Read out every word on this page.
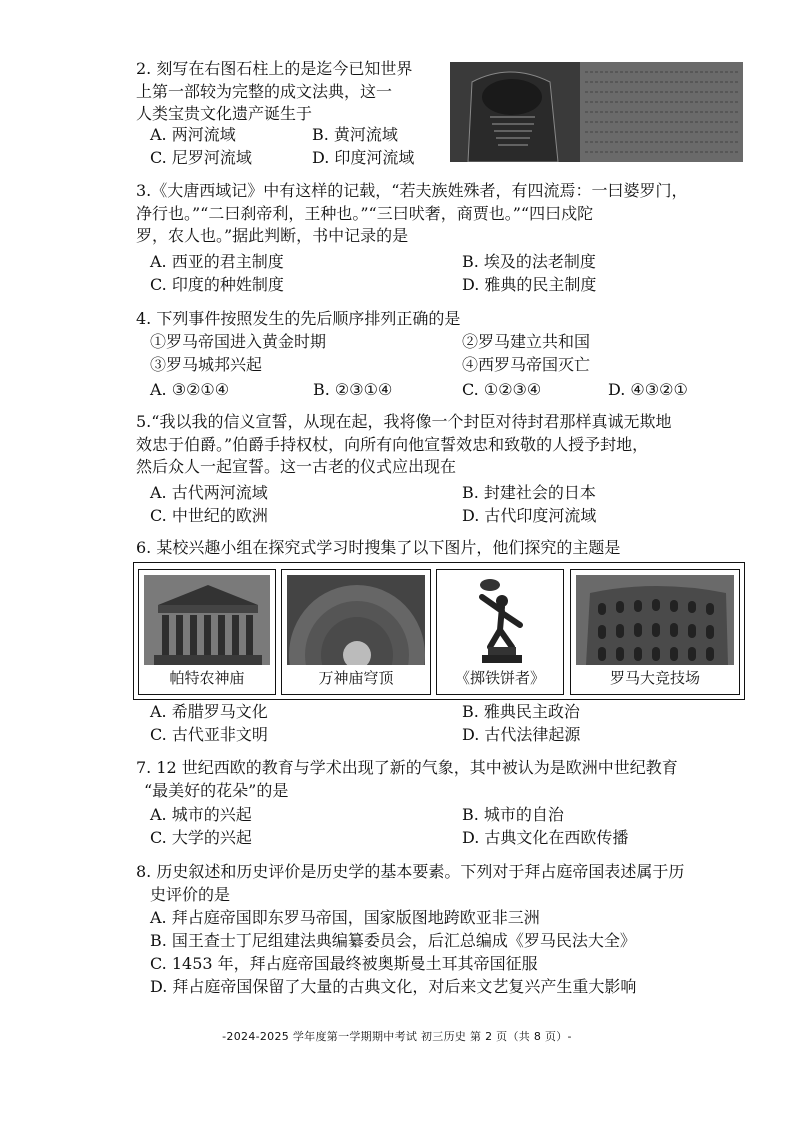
2. 刻写在右图石柱上的是迄今已知世界
上第一部较为完整的成文法典，这一
人类宝贵文化遗产诞生于
A. 两河流域	B. 黄河流域
C. 尼罗河流域	D. 印度河流域
3.《大唐西域记》中有这样的记载，“若夫族姓殊者，有四流焉：一曰婆罗门，
净行也。”“二曰刹帝利，王种也。”“三曰吠奢，商贾也。”“四曰戍陀
罗，农人也。”据此判断，书中记录的是
A. 西亚的君主制度	B. 埃及的法老制度
C. 印度的种姓制度	D. 雅典的民主制度
4. 下列事件按照发生的先后顺序排列正确的是
①罗马帝国进入黄金时期	②罗马建立共和国
③罗马城邦兴起	④西罗马帝国灭亡
A. ③②①④	B. ②③①④	C. ①②③④	D. ④③②①
5.“我以我的信义宣誓，从现在起，我将像一个封臣对待封君那样真诚无欺地
效忠于伯爵。”伯爵手持权杖，向所有向他宣誓效忠和致敬的人授予封地，
然后众人一起宣誓。这一古老的仪式应出现在
A. 古代两河流域	B. 封建社会的日本
C. 中世纪的欧洲	D. 古代印度河流域
6. 某校兴趣小组在探究式学习时搜集了以下图片，他们探究的主题是
帕特农神庙	万神庙穹顶	《掷铁饼者》	罗马大竞技场
A. 希腊罗马文化	B. 雅典民主政治
C. 古代亚非文明	D. 古代法律起源
7. 12 世纪西欧的教育与学术出现了新的气象，其中被认为是欧洲中世纪教育
“最美好的花朵”的是
A. 城市的兴起	B. 城市的自治
C. 大学的兴起	D. 古典文化在西欧传播
8. 历史叙述和历史评价是历史学的基本要素。下列对于拜占庭帝国表述属于历
史评价的是
A. 拜占庭帝国即东罗马帝国，国家版图地跨欧亚非三洲
B. 国王查士丁尼组建法典编纂委员会，后汇总编成《罗马民法大全》
C. 1453 年，拜占庭帝国最终被奥斯曼土耳其帝国征服
D. 拜占庭帝国保留了大量的古典文化，对后来文艺复兴产生重大影响
-2024-2025 学年度第一学期期中考试 初三历史 第 2 页（共 8 页）-
